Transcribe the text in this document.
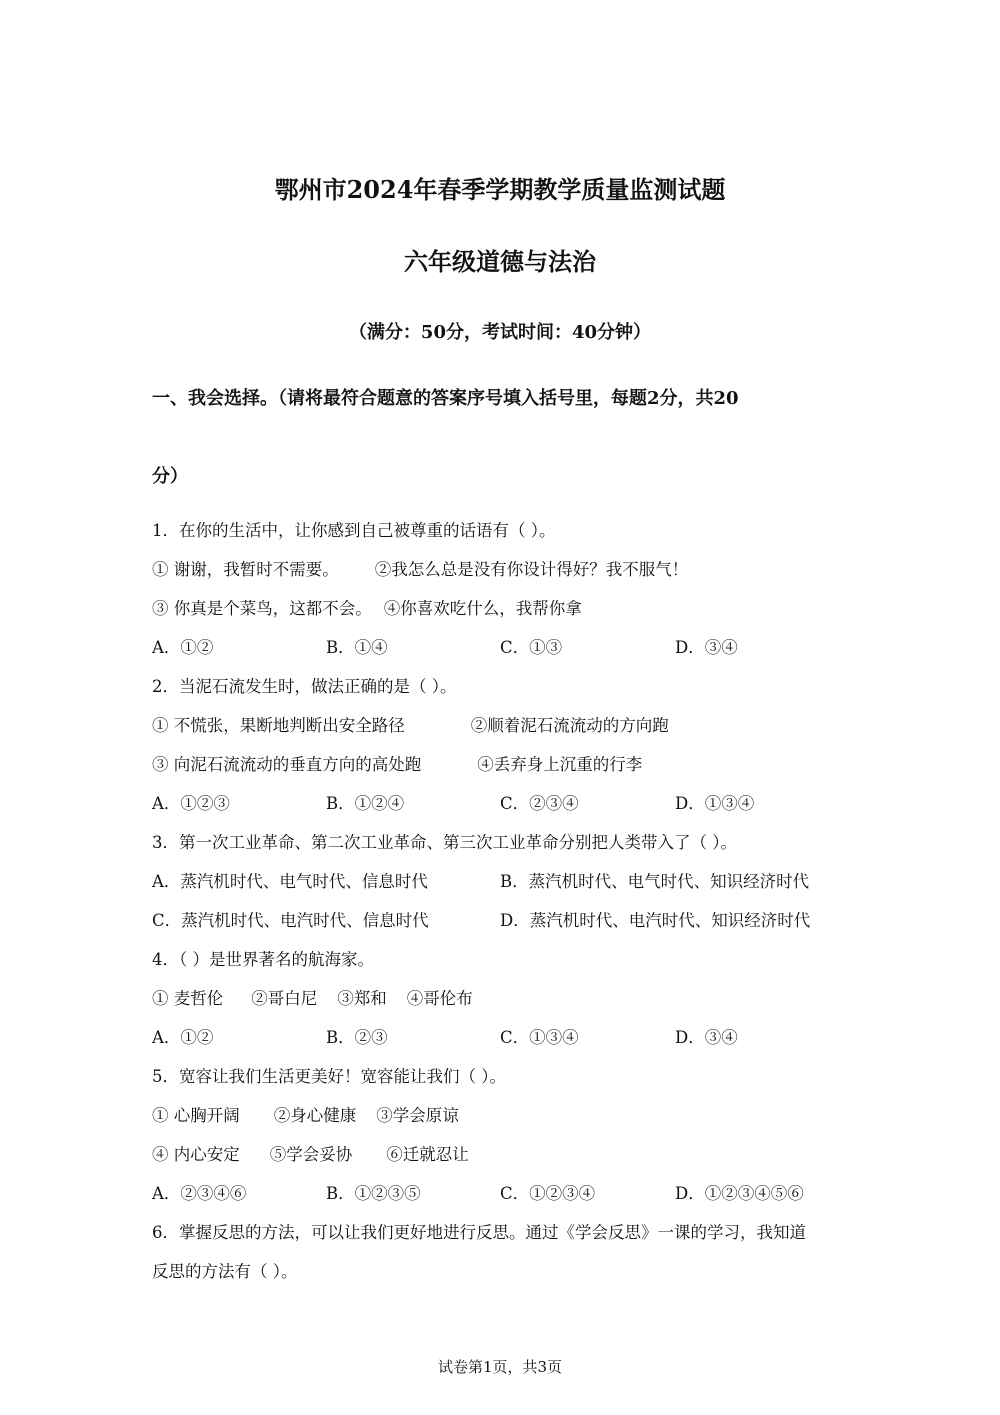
鄂州市2024年春季学期教学质量监测试题
六年级道德与法治
（满分：50分，考试时间：40分钟）
一、我会选择。（请将最符合题意的答案序号填入括号里，每题2分，共20
分）
1．在你的生活中，让你感到自己被尊重的话语有（ ）。
① 谢谢，我暂时不需要。 ②我怎么总是没有你设计得好？我不服气！
③ 你真是个菜鸟，这都不会。 ④你喜欢吃什么，我帮你拿
A．①②	B．①④	C．①③	D．③④
2．当泥石流发生时，做法正确的是（ ）。
① 不慌张，果断地判断出安全路径	②顺着泥石流流动的方向跑
③ 向泥石流流动的垂直方向的高处跑	④丢弃身上沉重的行李
A．①②③	B．①②④	C．②③④	D．①③④
3．第一次工业革命、第二次工业革命、第三次工业革命分别把人类带入了（ ）。
A．蒸汽机时代、电气时代、信息时代	B．蒸汽机时代、电气时代、知识经济时代
C．蒸汽机时代、电汽时代、信息时代	D．蒸汽机时代、电汽时代、知识经济时代
4．（ ）是世界著名的航海家。
① 麦哲伦 ②哥白尼 ③郑和 ④哥伦布
A．①②	B．②③	C．①③④	D．③④
5．宽容让我们生活更美好！宽容能让我们（ ）。
① 心胸开阔 ②身心健康 ③学会原谅
④ 内心安定 ⑤学会妥协 ⑥迁就忍让
A．②③④⑥	B．①②③⑤	C．①②③④	D．①②③④⑤⑥
6．掌握反思的方法，可以让我们更好地进行反思。通过《学会反思》一课的学习，我知道
反思的方法有（ ）。
试卷第1页，共3页
